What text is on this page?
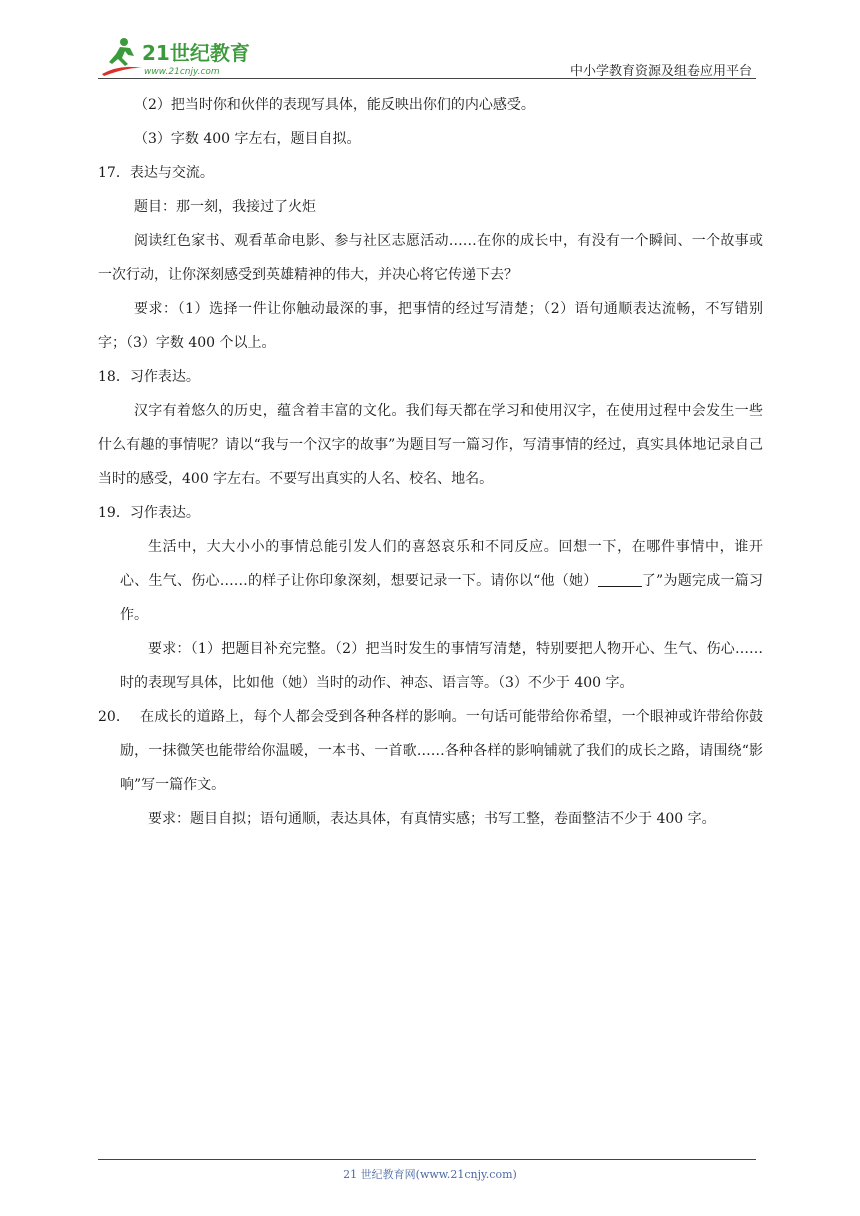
21世纪教育
www.21cnjy.com	中小学教育资源及组卷应用平台

（2）把当时你和伙伴的表现写具体，能反映出你们的内心感受。

（3）字数 400 字左右，题目自拟。

17．表达与交流。

题目：那一刻，我接过了火炬

阅读红色家书、观看革命电影、参与社区志愿活动……在你的成长中，有没有一个瞬间、一个故事或一次行动，让你深刻感受到英雄精神的伟大，并决心将它传递下去？

要求：（1）选择一件让你触动最深的事，把事情的经过写清楚；（2）语句通顺表达流畅，不写错别字；（3）字数 400 个以上。

18．习作表达。

汉字有着悠久的历史，蕴含着丰富的文化。我们每天都在学习和使用汉字，在使用过程中会发生一些什么有趣的事情呢？请以“我与一个汉字的故事”为题目写一篇习作，写清事情的经过，真实具体地记录自己当时的感受，400 字左右。不要写出真实的人名、校名、地名。

19．习作表达。

生活中，大大小小的事情总能引发人们的喜怒哀乐和不同反应。回想一下，在哪件事情中，谁开心、生气、伤心……的样子让你印象深刻，想要记录一下。请你以“他（她）	了”为题完成一篇习作。

要求：（1）把题目补充完整。（2）把当时发生的事情写清楚，特别要把人物开心、生气、伤心……时的表现写具体，比如他（她）当时的动作、神态、语言等。（3）不少于 400 字。

20． 在成长的道路上，每个人都会受到各种各样的影响。一句话可能带给你希望，一个眼神或许带给你鼓励，一抹微笑也能带给你温暖，一本书、一首歌……各种各样的影响铺就了我们的成长之路，请围绕“影响”写一篇作文。

要求：题目自拟；语句通顺，表达具体，有真情实感；书写工整，卷面整洁不少于 400 字。

21 世纪教育网(www.21cnjy.com)
